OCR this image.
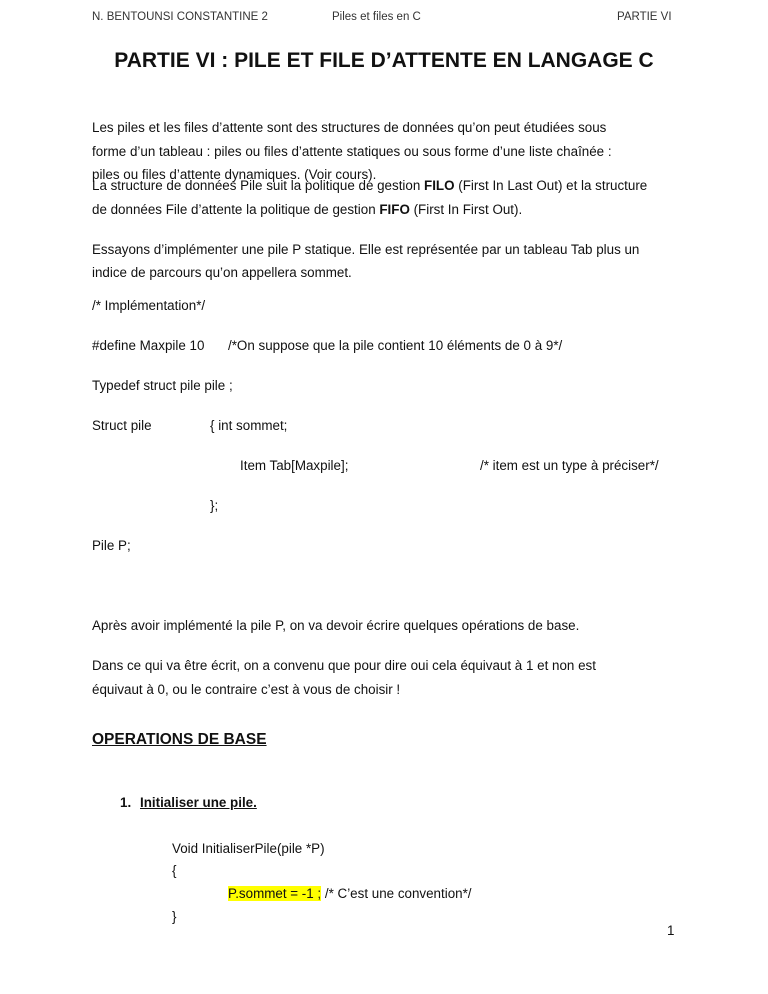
N. BENTOUNSI CONSTANTINE 2	Piles et files en C	PARTIE VI
PARTIE VI : PILE ET FILE D’ATTENTE EN LANGAGE C
Les piles et les files d’attente sont des structures de données qu’on peut étudiées sous
forme d’un tableau : piles ou files d’attente statiques ou sous forme d’une liste chaînée :
piles ou files d’attente dynamiques. (Voir cours).
La structure de données Pile suit la politique de gestion FILO (First In Last Out) et la structure
de données File d’attente la politique de gestion FIFO (First In First Out).
Essayons d’implémenter une pile P statique. Elle est représentée par un tableau Tab plus un
indice de parcours qu’on appellera sommet.
/* Implémentation*/
#define Maxpile 10 /*On suppose que la pile contient 10 éléments de 0 à 9*/
Typedef struct pile pile ;
Struct pile	{ int sommet;
Item Tab[Maxpile];	/* item est un type à préciser*/
};
Pile P;
Après avoir implémenté la pile P, on va devoir écrire quelques opérations de base.
Dans ce qui va être écrit, on a convenu que pour dire oui cela équivaut à 1 et non est
équivaut à 0, ou le contraire c’est à vous de choisir !
OPERATIONS DE BASE
1. Initialiser une pile.
Void InitialiserPile(pile *P)
{
P.sommet = -1 ; /* C’est une convention*/
}
1
